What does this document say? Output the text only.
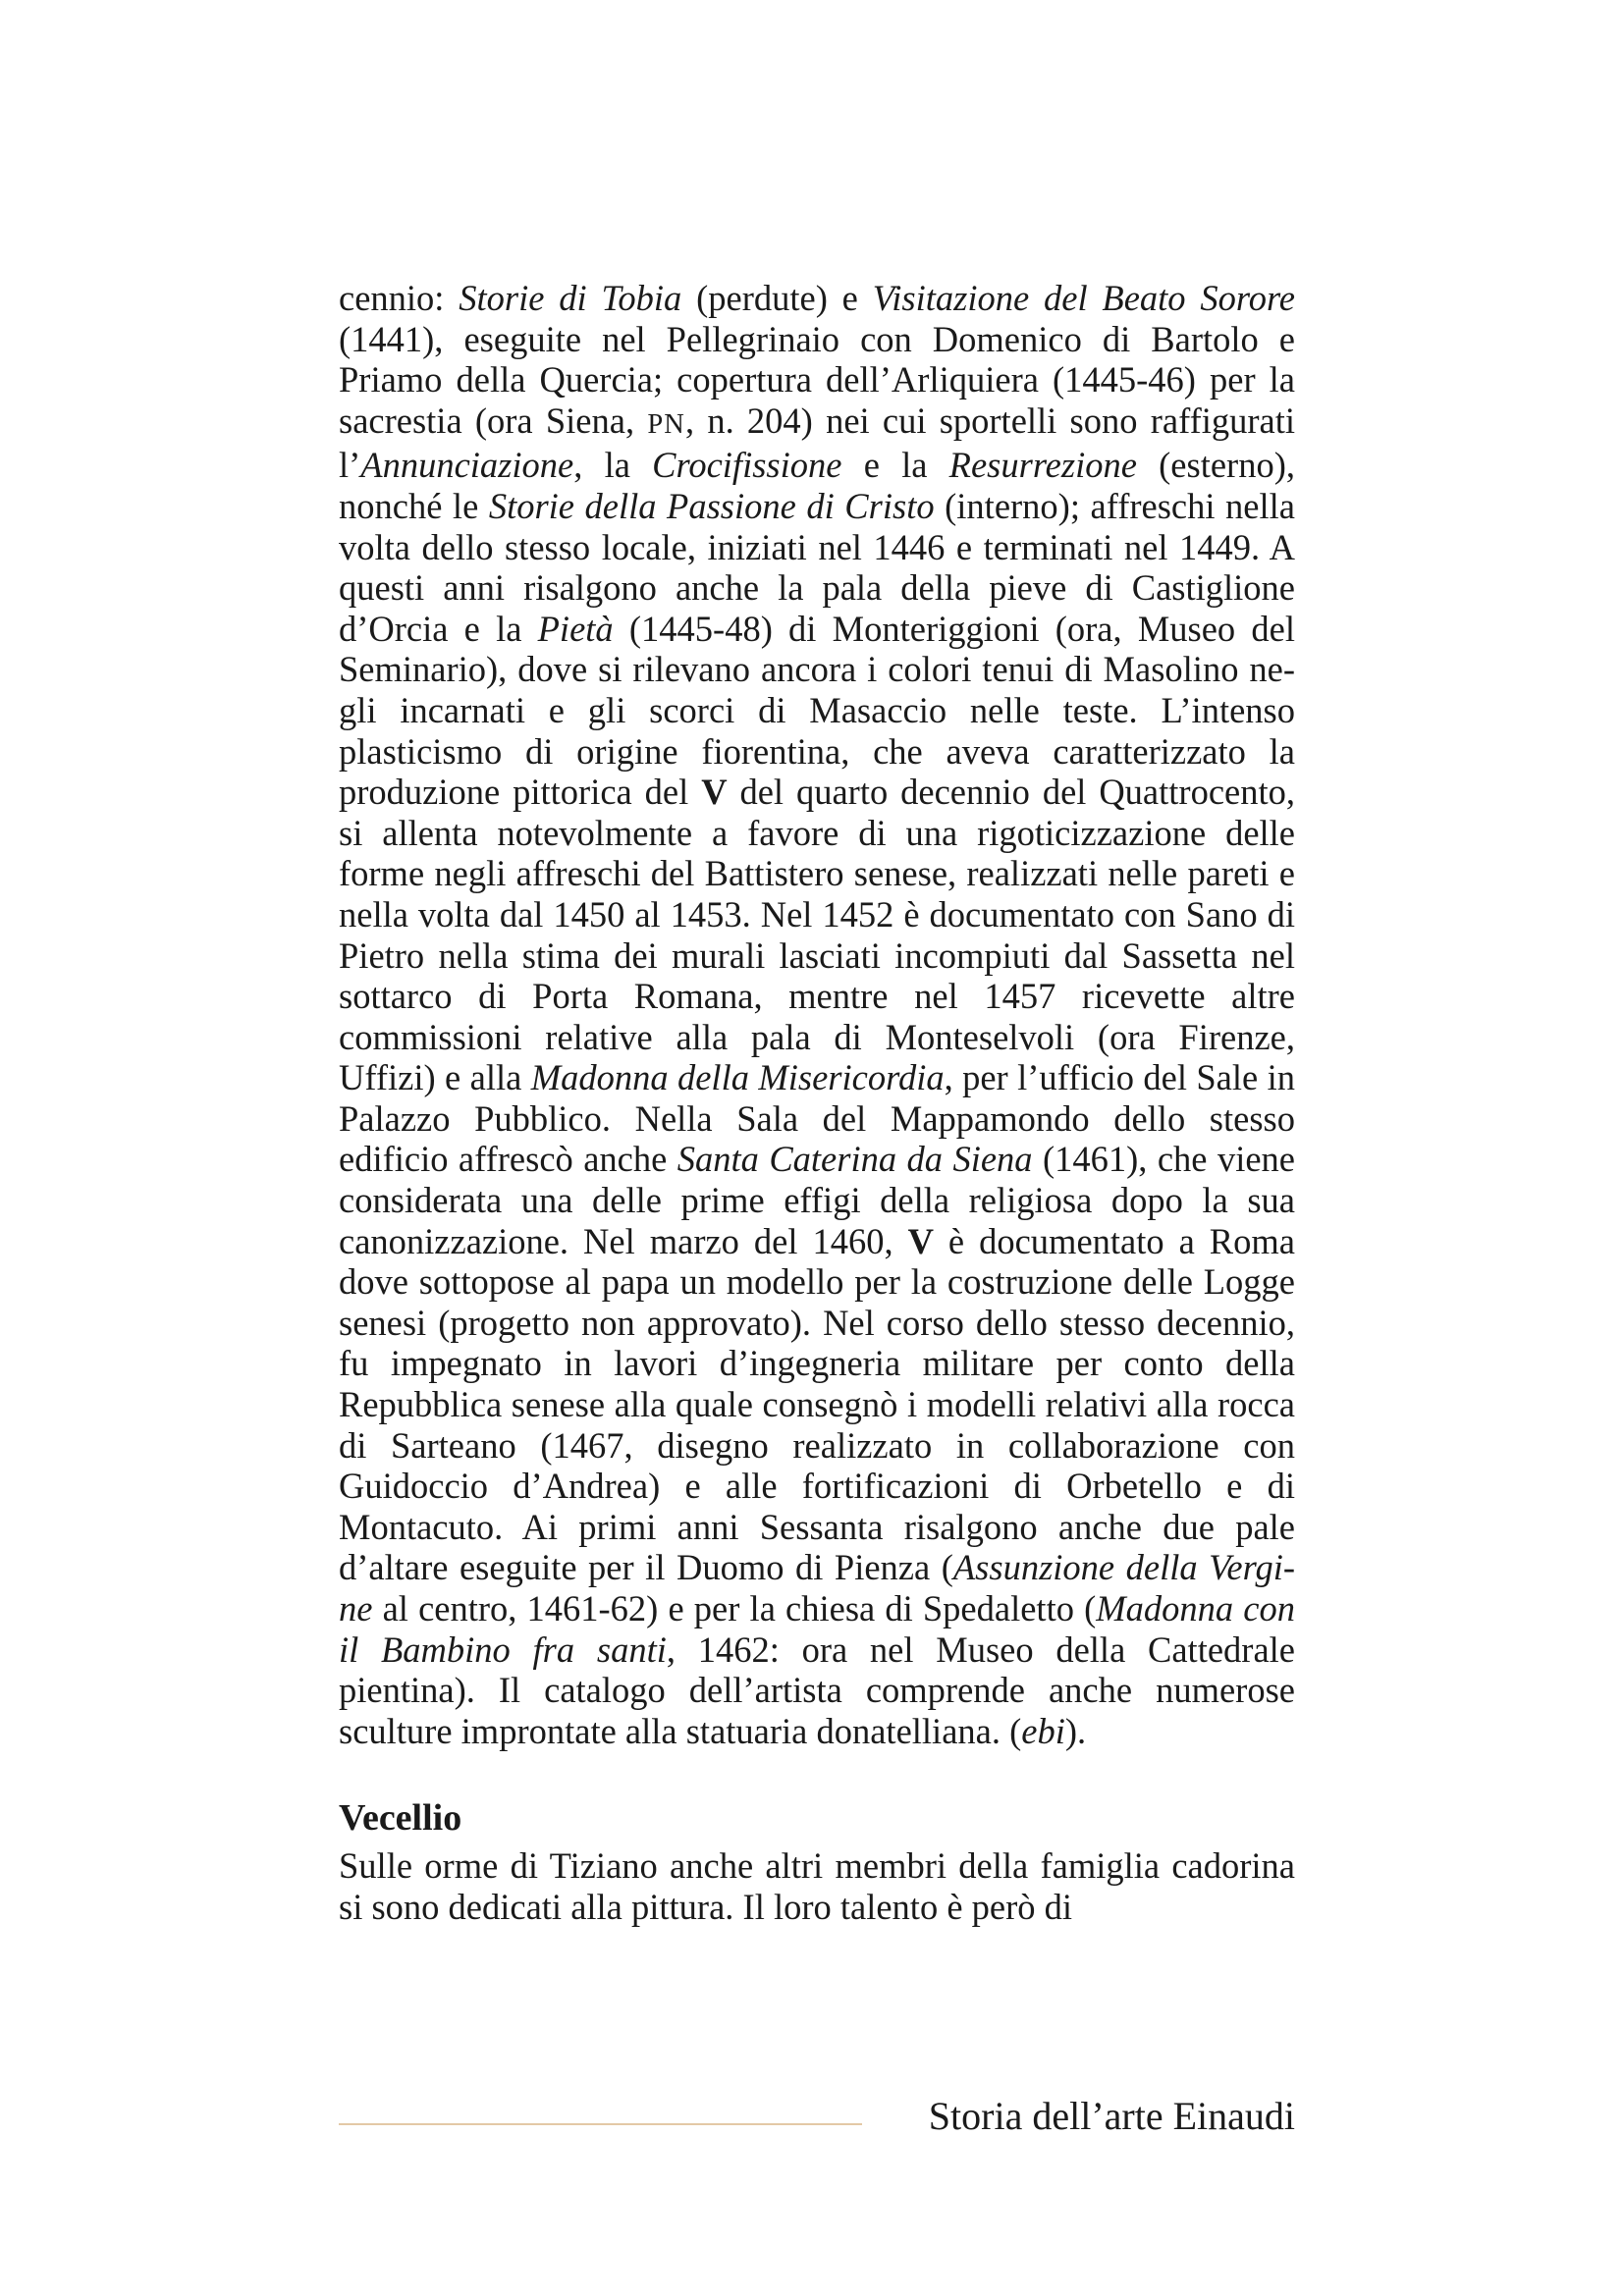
cennio: Storie di Tobia (perdute) e Visitazione del Beato Sorore (1441), eseguite nel Pellegrinaio con Domenico di Bartolo e Priamo della Quercia; copertura dell’Arliquiera (1445-46) per la sacrestia (ora Siena, PN, n. 204) nei cui sportelli sono raffigurati l’Annunciazione, la Crocifissione e la Resurrezione (esterno), nonché le Storie della Passione di Cristo (interno); affreschi nella volta dello stesso locale, iniziati nel 1446 e terminati nel 1449. A questi anni risalgono anche la pala della pieve di Castiglione d’Orcia e la Pietà (1445-48) di Monteriggioni (ora, Museo del Seminario), dove si rilevano ancora i colori tenui di Masolino negli incarnati e gli scorci di Masaccio nelle teste. L’intenso plasticismo di origine fiorentina, che aveva caratterizzato la produzione pittorica del V del quarto decennio del Quattrocento, si allenta notevolmente a favore di una rigoticizzazione delle forme negli affreschi del Battistero senese, realizzati nelle pareti e nella volta dal 1450 al 1453. Nel 1452 è documentato con Sano di Pietro nella stima dei murali lasciati incompiuti dal Sassetta nel sottarco di Porta Romana, mentre nel 1457 ricevette altre commissioni relative alla pala di Monteselvoli (ora Firenze, Uffizi) e alla Madonna della Misericordia, per l’ufficio del Sale in Palazzo Pubblico. Nella Sala del Mappamondo dello stesso edificio affrescò anche Santa Caterina da Siena (1461), che viene considerata una delle prime effigi della religiosa dopo la sua canonizzazione. Nel marzo del 1460, V è documentato a Roma dove sottopose al papa un modello per la costruzione delle Logge senesi (progetto non approvato). Nel corso dello stesso decennio, fu impegnato in lavori d’ingegneria militare per conto della Repubblica senese alla quale consegnò i modelli relativi alla rocca di Sarteano (1467, disegno realizzato in collaborazione con Guidoccio d’Andrea) e alle fortificazioni di Orbetello e di Montacuto. Ai primi anni Sessanta risalgono anche due pale d’altare eseguite per il Duomo di Pienza (Assunzione della Vergine al centro, 1461-62) e per la chiesa di Spedaletto (Madonna con il Bambino fra santi, 1462: ora nel Museo della Cattedrale pientina). Il catalogo dell’artista comprende anche numerose sculture improntate alla statuaria donatelliana. (ebi).

Vecellio

Sulle orme di Tiziano anche altri membri della famiglia cadorina si sono dedicati alla pittura. Il loro talento è però di

Storia dell’arte Einaudi
